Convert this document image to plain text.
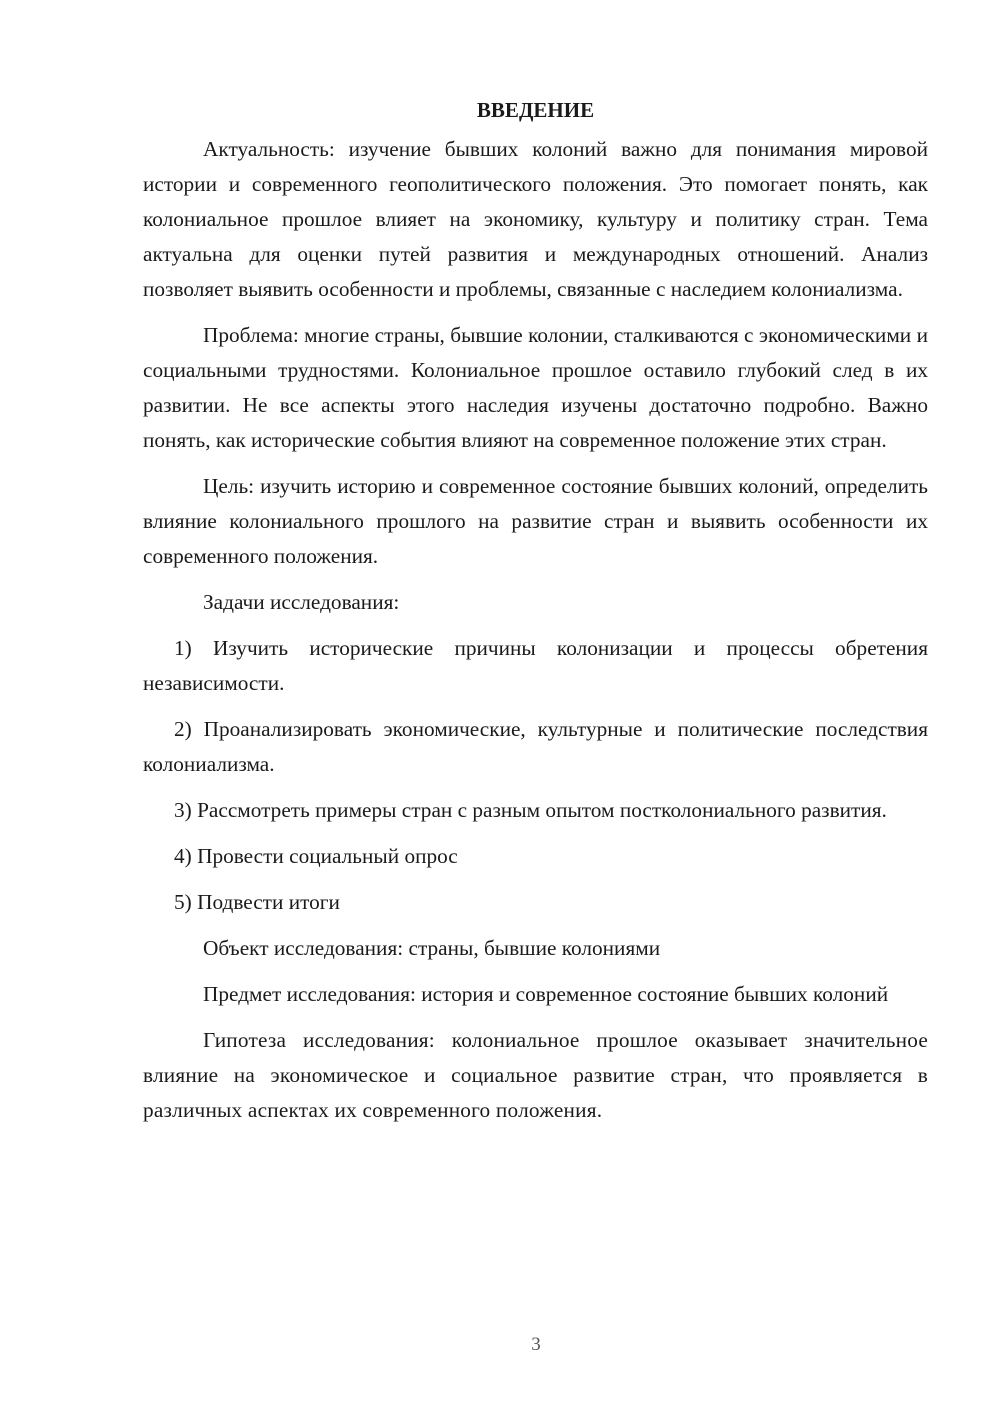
ВВЕДЕНИЕ

Актуальность: изучение бывших колоний важно для понимания мировой истории и современного геополитического положения. Это помогает понять, как колониальное прошлое влияет на экономику, культуру и политику стран. Тема актуальна для оценки путей развития и международных отношений. Анализ позволяет выявить особенности и проблемы, связанные с наследием колониализма.

Проблема: многие страны, бывшие колонии, сталкиваются с экономическими и социальными трудностями. Колониальное прошлое оставило глубокий след в их развитии. Не все аспекты этого наследия изучены достаточно подробно. Важно понять, как исторические события влияют на современное положение этих стран.

Цель: изучить историю и современное состояние бывших колоний, определить влияние колониального прошлого на развитие стран и выявить особенности их современного положения.

Задачи исследования:

1) Изучить исторические причины колонизации и процессы обретения независимости.

2) Проанализировать экономические, культурные и политические последствия колониализма.

3) Рассмотреть примеры стран с разным опытом постколониального развития.

4) Провести социальный опрос

5) Подвести итоги

Объект исследования: страны, бывшие колониями

Предмет исследования: история и современное состояние бывших колоний

Гипотеза исследования: колониальное прошлое оказывает значительное влияние на экономическое и социальное развитие стран, что проявляется в различных аспектах их современного положения.

3
